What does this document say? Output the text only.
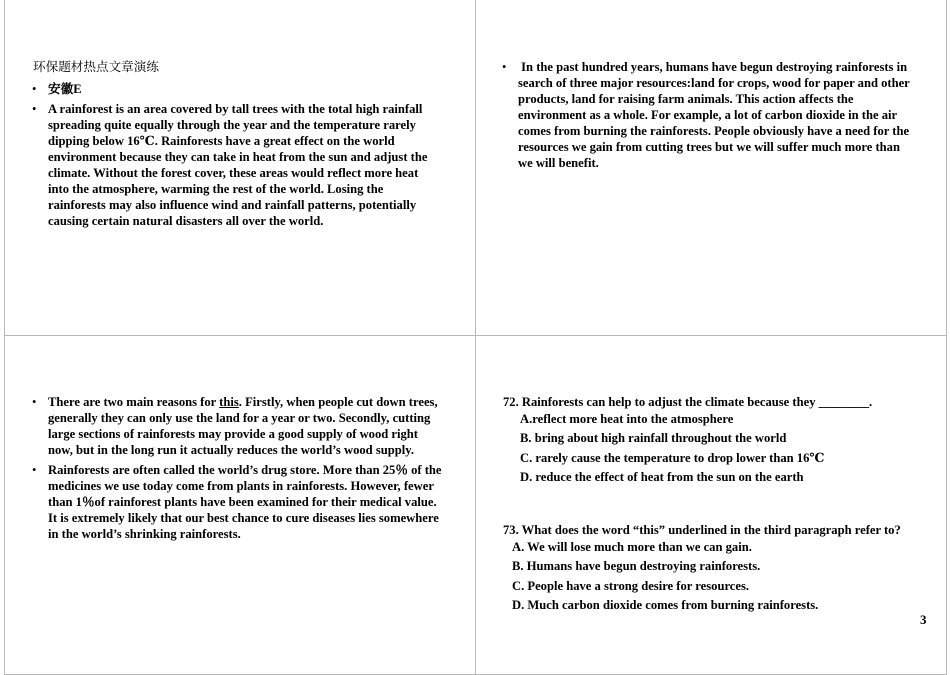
环保题材热点文章演练
• 安徽E
• A rainforest is an area covered by tall trees with the total high rainfall spreading quite equally through the year and the temperature rarely dipping below 16℃. Rainforests have a great effect on the world environment because they can take in heat from the sun and adjust the climate. Without the forest cover, these areas would reflect more heat into the atmosphere, warming the rest of the world. Losing the rainforests may also influence wind and rainfall patterns, potentially causing certain natural disasters all over the world.
• In the past hundred years, humans have begun destroying rainforests in search of three major resources:land for crops, wood for paper and other products, land for raising farm animals. This action affects the environment as a whole. For example, a lot of carbon dioxide in the air comes from burning the rainforests. People obviously have a need for the resources we gain from cutting trees but we will suffer much more than we will benefit.
• There are two main reasons for this. Firstly, when people cut down trees, generally they can only use the land for a year or two. Secondly, cutting large sections of rainforests may provide a good supply of wood right now, but in the long run it actually reduces the world’s wood supply.
• Rainforests are often called the world’s drug store. More than 25％ of the medicines we use today come from plants in rainforests. However, fewer than 1％of rainforest plants have been examined for their medical value. It is extremely likely that our best chance to cure diseases lies somewhere in the world’s shrinking rainforests.
72. Rainforests can help to adjust the climate because they ________.
A.reflect more heat into the atmosphere
B. bring about high rainfall throughout the world
C. rarely cause the temperature to drop lower than 16℃
D. reduce the effect of heat from the sun on the earth
73. What does the word “this” underlined in the third paragraph refer to?
A. We will lose much more than we can gain.
B. Humans have begun destroying rainforests.
C. People have a strong desire for resources.
D. Much carbon dioxide comes from burning rainforests.
3
